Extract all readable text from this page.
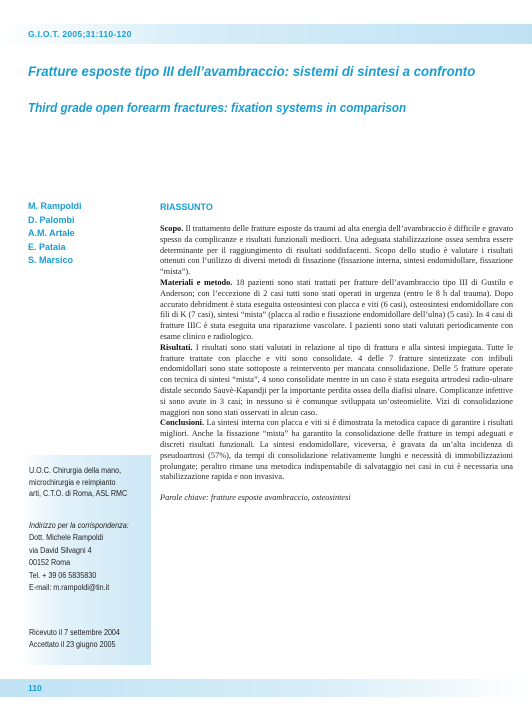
G.I.O.T. 2005;31:110-120
Fratture esposte tipo III dell’avambraccio: sistemi di sintesi a confronto
Third grade open forearm fractures: fixation systems in comparison
M. Rampoldi
D. Palombi
A.M. Artale
E. Pataia
S. Marsico
RIASSUNTO

Scopo. Il trattamento delle fratture esposte da traumi ad alta energia dell’avambraccio è difficile e gravato spesso da complicanze e risultati funzionali mediocri. Una adeguata stabilizzazione ossea sembra essere determinante per il raggiungimento di risultati soddisfacenti. Scopo dello studio è valutare i risultati ottenuti con l’utilizzo di diversi metodi di fissazione (fissazione interna, sintesi endomidollare, fissazione “mista”).

Materiali e metodo. 18 pazienti sono stati trattati per fratture dell’avambraccio tipo III di Gustilo e Anderson; con l’eccezione di 2 casi tutti sono stati operati in urgenza (entro le 8 h dal trauma). Dopo accurato debridment è stata eseguita osteosintesi con placca e viti (6 casi), osteosintesi endomidollare con fili di K (7 casi), sintesi “mista” (placca al radio e fissazione endomidollare dell’ulna) (5 casi). In 4 casi di fratture IIIC è stata eseguita una riparazione vascolare. I pazienti sono stati valutati periodicamente con esame clinico e radiologico.

Risultati. I risultati sono stati valutati in relazione al tipo di frattura e alla sintesi impiegata. Tutte le fratture trattate con placche e viti sono consolidate. 4 delle 7 fratture sintetizzate con infibuli endomidollari sono state sottoposte a reintervento per mancata consolidazione. Delle 5 fratture operate con tecnica di sintesi “mista”, 4 sono consolidate mentre in un caso è stata eseguita artrodesi radio-ulnare distale secondo Sauvè-Kapandji per la importante perdita ossea della diafisi ulnare. Complicanze infettive si sono avute in 3 casi; in nessuno si è comunque sviluppata un’osteomielite. Vizi di consolidazione maggiori non sono stati osservati in alcun caso.

Conclusioni. La sintesi interna con placca e viti si è dimostrata la metodica capace di garantire i risultati migliori. Anche la fissazione “mista” ha garantito la consolidazione delle fratture in tempi adeguati e discreti risultati funzionali. La sintesi endomidollare, viceversa, è gravata da un’alta incidenza di pseudoartrosi (57%), da tempi di consolidazione relativamente lunghi e necessità di immobilizzazioni prolungate; peraltro rimane una metodica indispensabile di salvataggio nei casi in cui è necessaria una stabilizzazione rapida e non invasiva.

Parole chiave: fratture esposte avambraccio, osteosintesi

U.O.C. Chirurgia della mano,
microchirurgia e reimpianto
arti, C.T.O. di Roma, ASL RMC
Indirizzo per la corrispondenza:
Dott. Michele Rampoldi
via David Silvagni 4
00152 Roma
Tel. + 39 06 5835830
E-mail: m.rampoldi@tin.it
Ricevuto il 7 settembre 2004
Accettato il 23 giugno 2005
110
